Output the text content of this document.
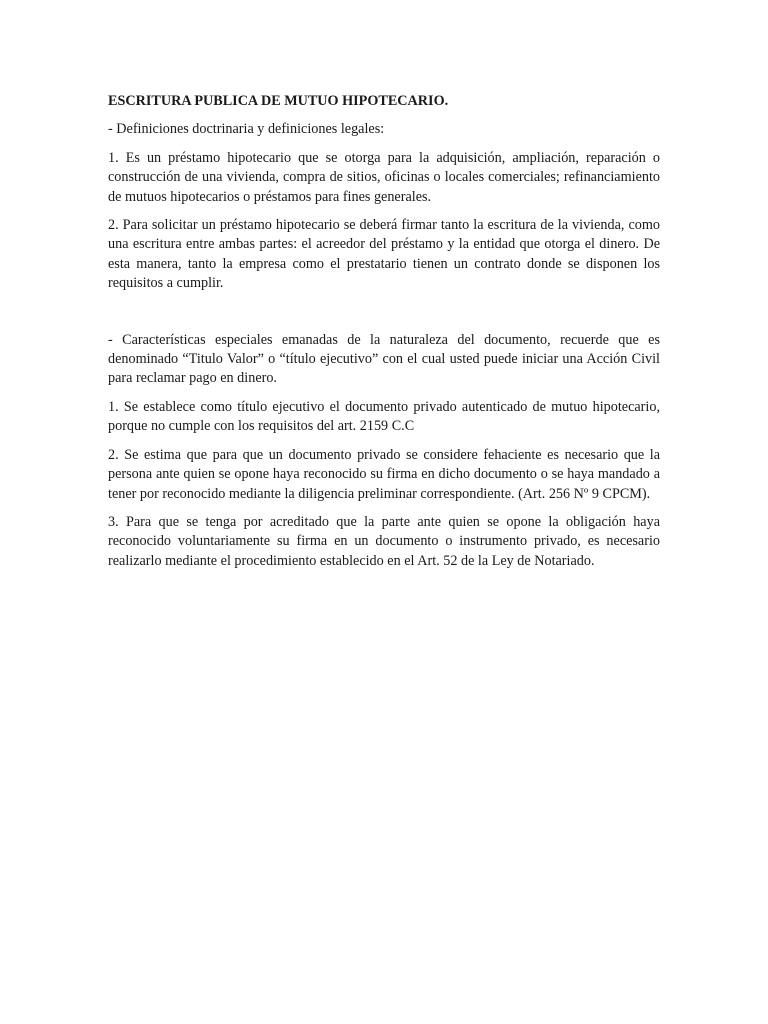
ESCRITURA PUBLICA DE MUTUO HIPOTECARIO.

- Definiciones doctrinaria y definiciones legales:

1. Es un préstamo hipotecario que se otorga para la adquisición, ampliación, reparación o construcción de una vivienda, compra de sitios, oficinas o locales comerciales; refinanciamiento de mutuos hipotecarios o préstamos para fines generales.

2. Para solicitar un préstamo hipotecario se deberá firmar tanto la escritura de la vivienda, como una escritura entre ambas partes: el acreedor del préstamo y la entidad que otorga el dinero. De esta manera, tanto la empresa como el prestatario tienen un contrato donde se disponen los requisitos a cumplir.

- Características especiales emanadas de la naturaleza del documento, recuerde que es denominado “Titulo Valor” o “título ejecutivo” con el cual usted puede iniciar una Acción Civil para reclamar pago en dinero.

1. Se establece como título ejecutivo el documento privado autenticado de mutuo hipotecario, porque no cumple con los requisitos del art. 2159 C.C

2. Se estima que para que un documento privado se considere fehaciente es necesario que la persona ante quien se opone haya reconocido su firma en dicho documento o se haya mandado a tener por reconocido mediante la diligencia preliminar correspondiente. (Art. 256 Nº 9 CPCM).

3. Para que se tenga por acreditado que la parte ante quien se opone la obligación haya reconocido voluntariamente su firma en un documento o instrumento privado, es necesario realizarlo mediante el procedimiento establecido en el Art. 52 de la Ley de Notariado.
